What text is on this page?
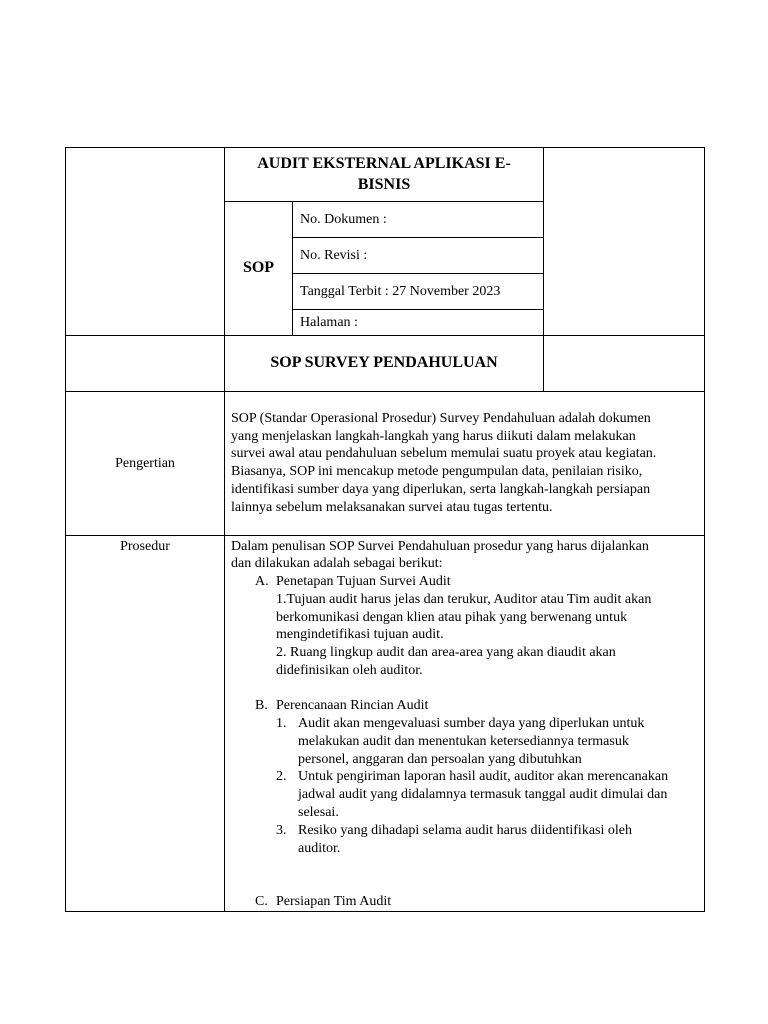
AUDIT EKSTERNAL APLIKASI E-
BISNIS
SOP
No. Dokumen :
No. Revisi :
Tanggal Terbit : 27 November 2023
Halaman :
SOP SURVEY PENDAHULUAN
Pengertian
SOP (Standar Operasional Prosedur) Survey Pendahuluan adalah dokumen
yang menjelaskan langkah-langkah yang harus diikuti dalam melakukan
survei awal atau pendahuluan sebelum memulai suatu proyek atau kegiatan.
Biasanya, SOP ini mencakup metode pengumpulan data, penilaian risiko,
identifikasi sumber daya yang diperlukan, serta langkah-langkah persiapan
lainnya sebelum melaksanakan survei atau tugas tertentu.
Prosedur	Dalam penulisan SOP Survei Pendahuluan prosedur yang harus dijalankan
dan dilakukan adalah sebagai berikut:
A. Penetapan Tujuan Survei Audit
1.Tujuan audit harus jelas dan terukur, Auditor atau Tim audit akan
berkomunikasi dengan klien atau pihak yang berwenang untuk
mengindetifikasi tujuan audit.
2. Ruang lingkup audit dan area-area yang akan diaudit akan
didefinisikan oleh auditor.
B. Perencanaan Rincian Audit
1. Audit akan mengevaluasi sumber daya yang diperlukan untuk
melakukan audit dan menentukan ketersediannya termasuk
personel, anggaran dan persoalan yang dibutuhkan
2. Untuk pengiriman laporan hasil audit, auditor akan merencanakan
jadwal audit yang didalamnya termasuk tanggal audit dimulai dan
selesai.
3. Resiko yang dihadapi selama audit harus diidentifikasi oleh
auditor.
C. Persiapan Tim Audit
